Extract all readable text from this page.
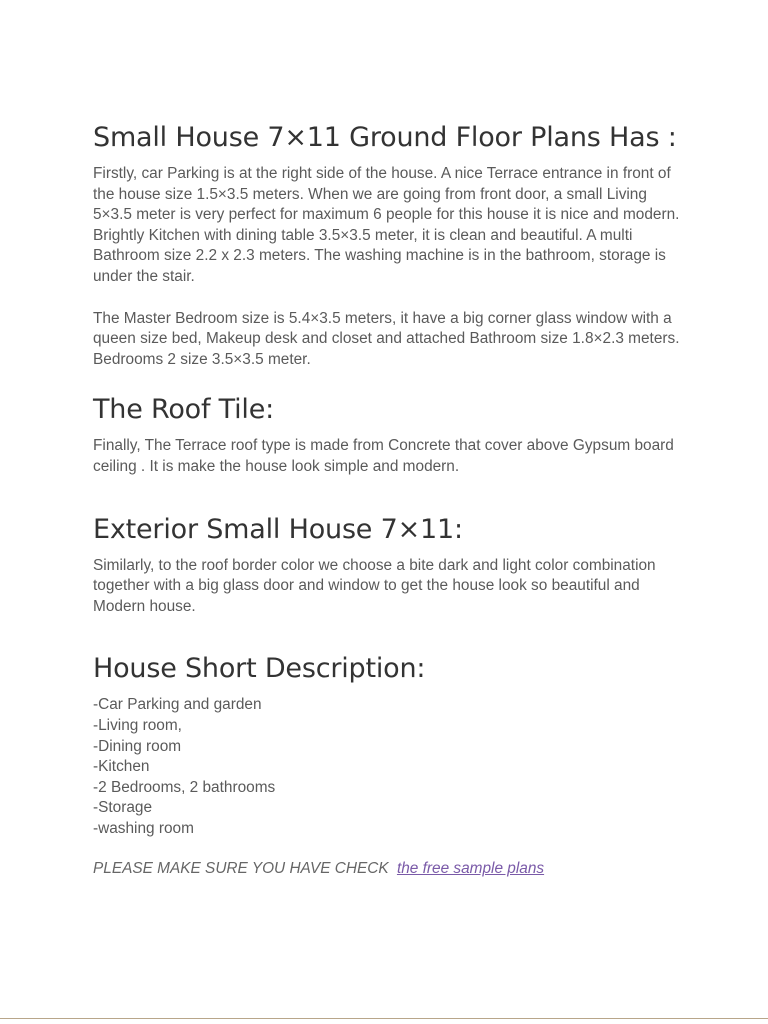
Small House 7×11 Ground Floor Plans Has :

Firstly, car Parking is at the right side of the house. A nice Terrace entrance in front of the house size 1.5×3.5 meters. When we are going from front door, a small Living 5×3.5 meter is very perfect for maximum 6 people for this house it is nice and modern. Brightly Kitchen with dining table 3.5×3.5 meter, it is clean and beautiful. A multi Bathroom size 2.2 x 2.3 meters. The washing machine is in the bathroom, storage is under the stair.

The Master Bedroom size is 5.4×3.5 meters, it have a big corner glass window with a queen size bed, Makeup desk and closet and attached Bathroom size 1.8×2.3 meters. Bedrooms 2 size 3.5×3.5 meter.

The Roof Tile:

Finally, The Terrace roof type is made from Concrete that cover above Gypsum board ceiling . It is make the house look simple and modern.

Exterior Small House 7×11:

Similarly, to the roof border color we choose a bite dark and light color combination together with a big glass door and window to get the house look so beautiful and Modern house.

House Short Description:
-Car Parking and garden
-Living room,
-Dining room
-Kitchen
-2 Bedrooms, 2 bathrooms
-Storage
-washing room
PLEASE MAKE SURE YOU HAVE CHECK the free sample plans
